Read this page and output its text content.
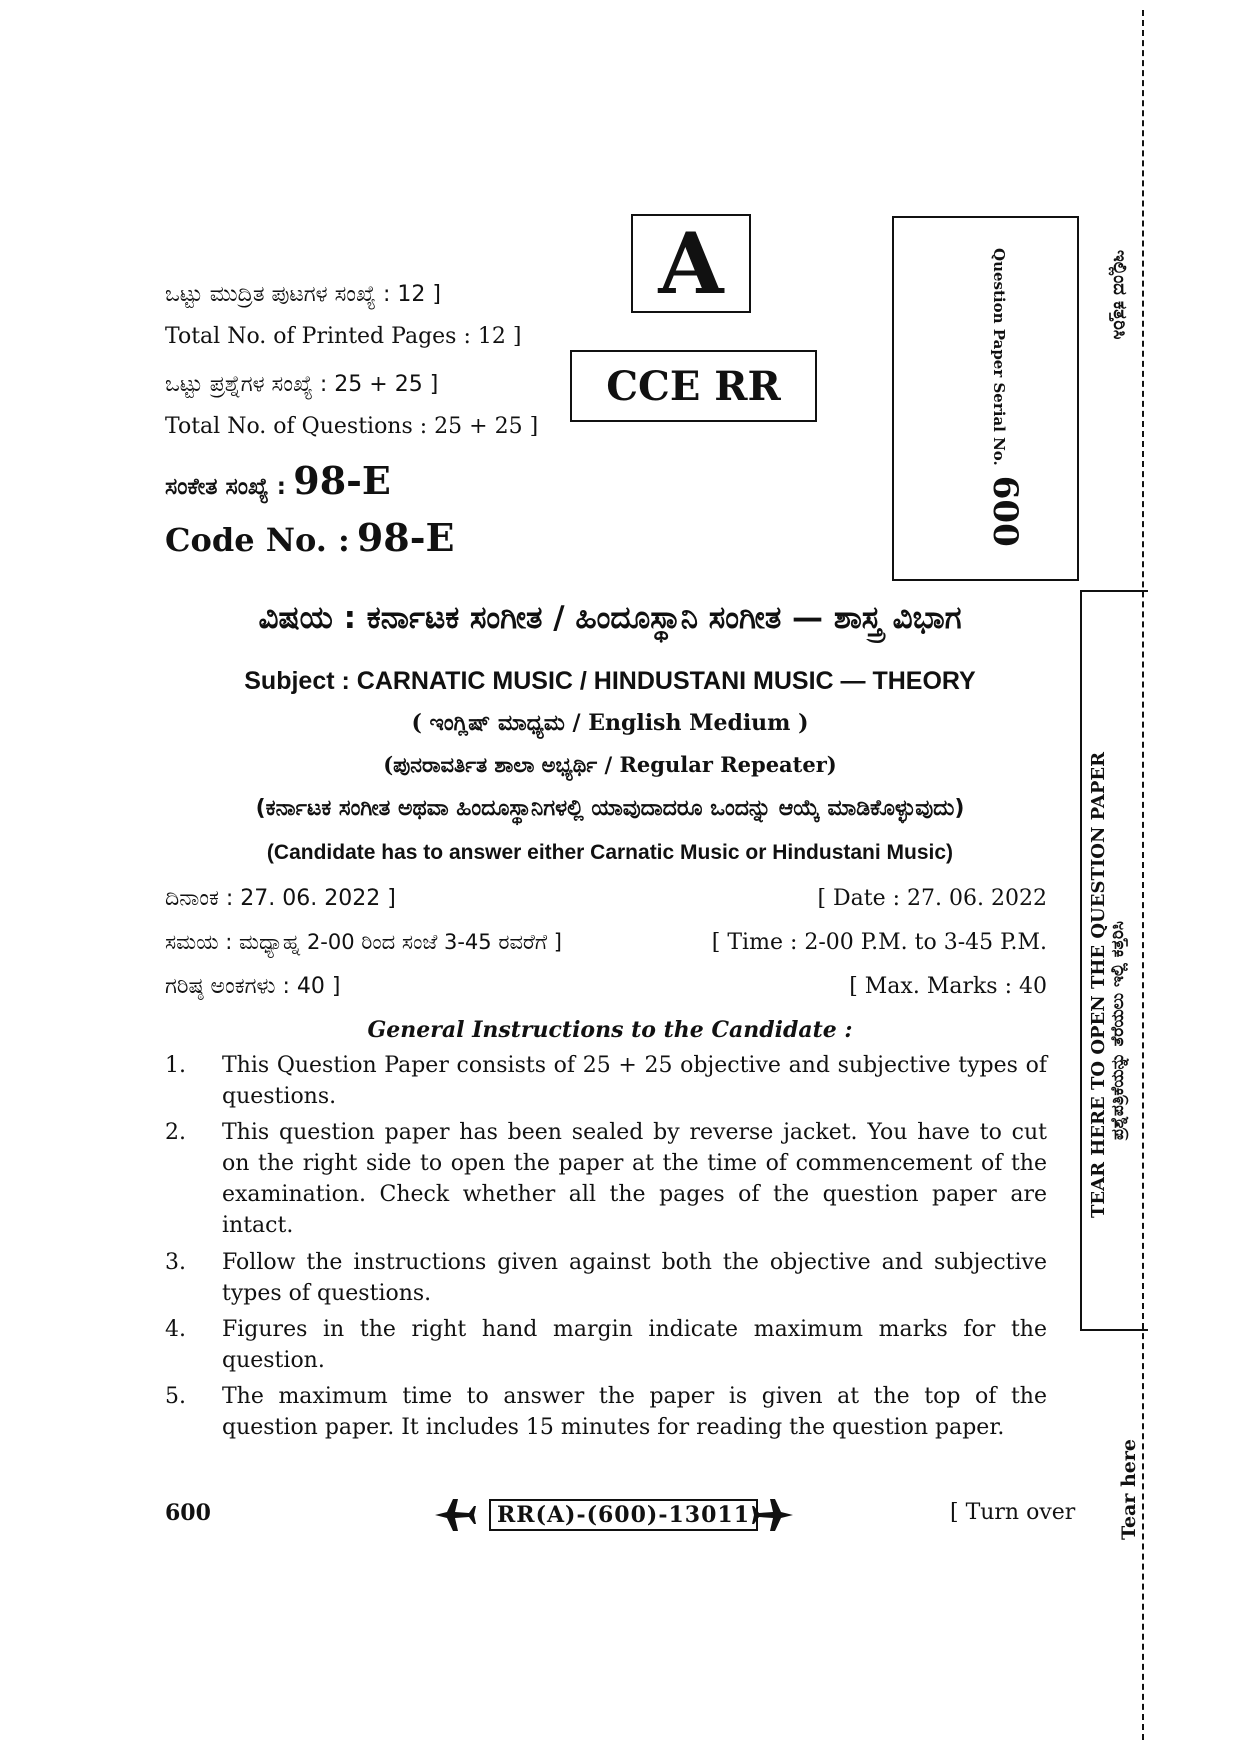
ಒಟ್ಟು ಮುದ್ರಿತ ಪುಟಗಳ ಸಂಖ್ಯೆ : 12 ]
Total No. of Printed Pages : 12 ]
ಒಟ್ಟು ಪ್ರಶ್ನೆಗಳ ಸಂಖ್ಯೆ : 25 + 25 ]
Total No. of Questions : 25 + 25 ]
ಸಂಕೇತ ಸಂಖ್ಯೆ : 98-E
Code No. : 98-E
A
CCE RR	Question Paper Serial No.
600
ಇಲ್ಲಿಂದ ಕತ್ತರಿಸಿ
TEAR HERE TO OPEN THE QUESTION PAPER ಪ್ರಶ್ನೆಪತ್ರಿಕೆಯನ್ನು ತೆರೆಯಲು ಇಲ್ಲಿ ಕತ್ತರಿಸಿ
Tear here
ವಿಷಯ : ಕರ್ನಾಟಕ ಸಂಗೀತ / ಹಿಂದೂಸ್ಥಾನಿ ಸಂಗೀತ — ಶಾಸ್ತ್ರ ವಿಭಾಗ
Subject : CARNATIC MUSIC / HINDUSTANI MUSIC — THEORY
( ಇಂಗ್ಲಿಷ್ ಮಾಧ್ಯಮ / English Medium )
(ಪುನರಾವರ್ತಿತ ಶಾಲಾ ಅಭ್ಯರ್ಥಿ / Regular Repeater)
(ಕರ್ನಾಟಕ ಸಂಗೀತ ಅಥವಾ ಹಿಂದೂಸ್ಥಾನಿಗಳಲ್ಲಿ ಯಾವುದಾದರೂ ಒಂದನ್ನು ಆಯ್ಕೆ ಮಾಡಿಕೊಳ್ಳುವುದು)
(Candidate has to answer either Carnatic Music or Hindustani Music)
ದಿನಾಂಕ : 27. 06. 2022 ]	[ Date : 27. 06. 2022
ಸಮಯ : ಮಧ್ಯಾಹ್ನ 2-00 ರಿಂದ ಸಂಜೆ 3-45 ರವರೆಗೆ ]	[ Time : 2-00 P.M. to 3-45 P.M.
ಗರಿಷ್ಠ ಅಂಕಗಳು : 40 ]	[ Max. Marks : 40
General Instructions to the Candidate :
1. This Question Paper consists of 25 + 25 objective and subjective types of questions.
2. This question paper has been sealed by reverse jacket. You have to cut on the right side to open the paper at the time of commencement of the examination. Check whether all the pages of the question paper are intact.
3. Follow the instructions given against both the objective and subjective types of questions.
4. Figures in the right hand margin indicate maximum marks for the question.
5. The maximum time to answer the paper is given at the top of the question paper. It includes 15 minutes for reading the question paper.
600	RR(A)-(600)-13011	[ Turn over
